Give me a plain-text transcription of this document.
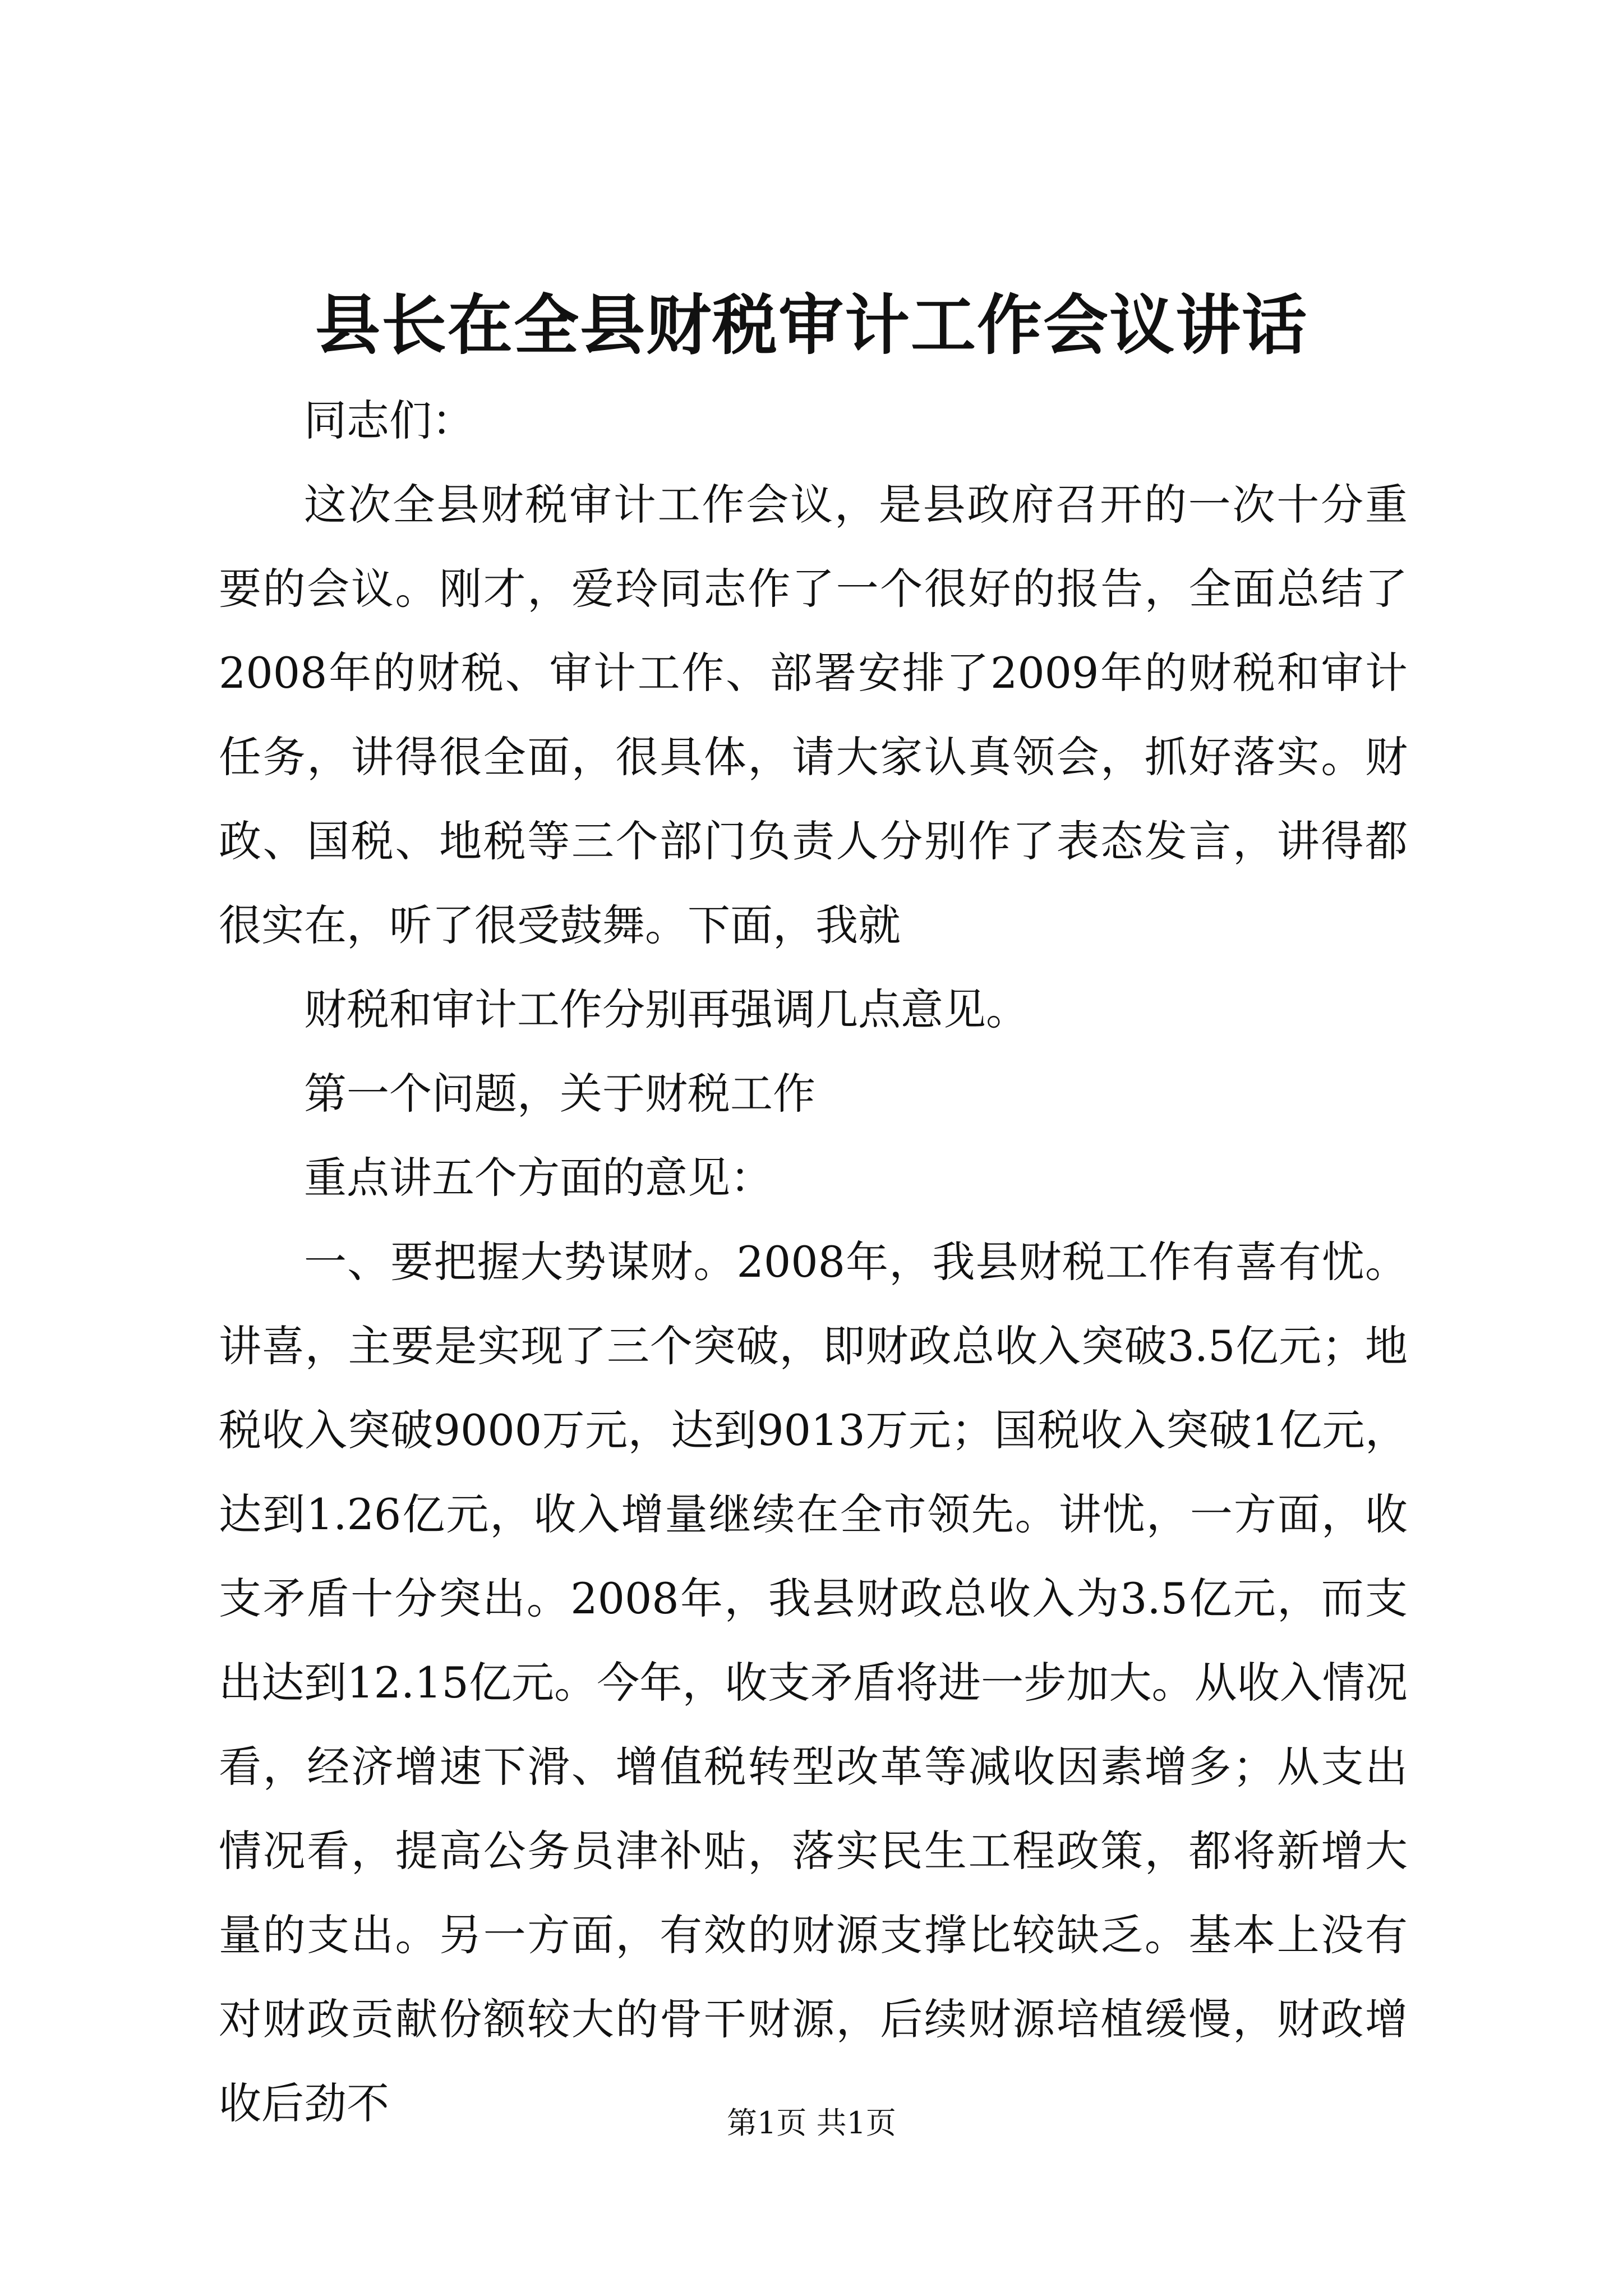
县长在全县财税审计工作会议讲话

同志们：

这次全县财税审计工作会议，是县政府召开的一次十分重要的会议。刚才，爱玲同志作了一个很好的报告，全面总结了2008年的财税、审计工作、部署安排了2009年的财税和审计任务，讲得很全面，很具体，请大家认真领会，抓好落实。财政、国税、地税等三个部门负责人分别作了表态发言，讲得都很实在，听了很受鼓舞。下面，我就

财税和审计工作分别再强调几点意见。

第一个问题，关于财税工作

重点讲五个方面的意见：

一、要把握大势谋财。2008年，我县财税工作有喜有忧。讲喜，主要是实现了三个突破，即财政总收入突破3.5亿元；地税收入突破9000万元，达到9013万元；国税收入突破1亿元，达到1.26亿元，收入增量继续在全市领先。讲忧，一方面，收支矛盾十分突出。2008年，我县财政总收入为3.5亿元，而支出达到12.15亿元。今年，收支矛盾将进一步加大。从收入情况看，经济增速下滑、增值税转型改革等减收因素增多；从支出情况看，提高公务员津补贴，落实民生工程政策，都将新增大量的支出。另一方面，有效的财源支撑比较缺乏。基本上没有对财政贡献份额较大的骨干财源，后续财源培植缓慢，财政增收后劲不	第1页 共1页
